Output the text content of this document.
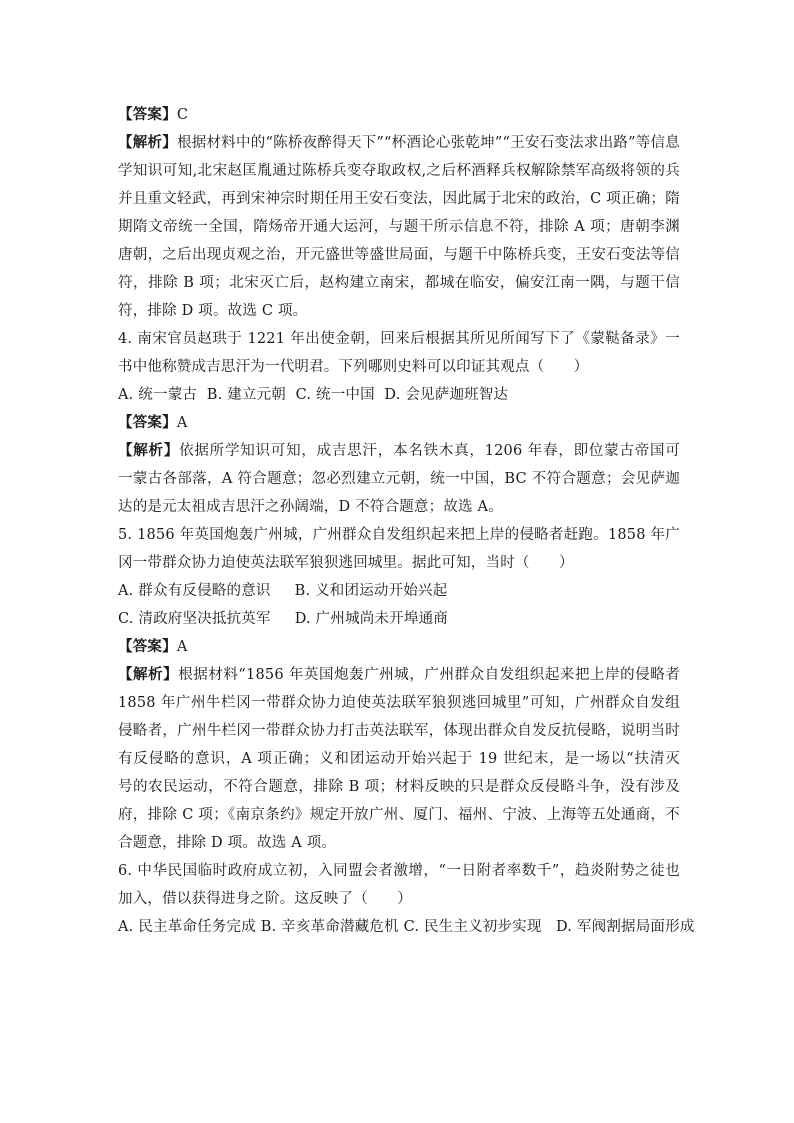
【答案】C
【解析】根据材料中的“陈桥夜醉得天下”“杯酒论心张乾坤”“王安石变法求出路”等信息
学知识可知,北宋赵匡胤通过陈桥兵变夺取政权,之后杯酒释兵权解除禁军高级将领的兵
并且重文轻武，再到宋神宗时期任用王安石变法，因此属于北宋的政治，C 项正确；隋
期隋文帝统一全国，隋炀帝开通大运河，与题干所示信息不符，排除 A 项；唐朝李渊
唐朝，之后出现贞观之治，开元盛世等盛世局面，与题干中陈桥兵变，王安石变法等信
符，排除 B 项；北宋灭亡后，赵构建立南宋，都城在临安，偏安江南一隅，与题干信
符，排除 D 项。故选 C 项。
4. 南宋官员赵珙于 1221 年出使金朝，回来后根据其所见所闻写下了《蒙鞑备录》一
书中他称赞成吉思汗为一代明君。下列哪则史料可以印证其观点（　　）
A. 统一蒙古  B. 建立元朝  C. 统一中国  D. 会见萨迦班智达
【答案】A
【解析】依据所学知识可知，成吉思汗，本名铁木真，1206 年春，即位蒙古帝国可
一蒙古各部落，A 符合题意；忽必烈建立元朝，统一中国，BC 不符合题意；会见萨迦
达的是元太祖成吉思汗之孙阔端，D 不符合题意；故选 A。
5. 1856 年英国炮轰广州城，广州群众自发组织起来把上岸的侵略者赶跑。1858 年广
冈一带群众协力迫使英法联军狼狈逃回城里。据此可知，当时（　　）
A. 群众有反侵略的意识     B. 义和团运动开始兴起
C. 清政府坚决抵抗英军     D. 广州城尚未开埠通商
【答案】A
【解析】根据材料“1856 年英国炮轰广州城，广州群众自发组织起来把上岸的侵略者
1858 年广州牛栏冈一带群众协力迫使英法联军狼狈逃回城里”可知，广州群众自发组
侵略者，广州牛栏冈一带群众协力打击英法联军，体现出群众自发反抗侵略，说明当时
有反侵略的意识，A 项正确；义和团运动开始兴起于 19 世纪末，是一场以“扶清灭
号的农民运动，不符合题意，排除 B 项；材料反映的只是群众反侵略斗争，没有涉及
府，排除 C 项；《南京条约》规定开放广州、厦门、福州、宁波、上海等五处通商，不
合题意，排除 D 项。故选 A 项。
6. 中华民国临时政府成立初，入同盟会者激增，“一日附者率数千”，趋炎附势之徒也
加入，借以获得进身之阶。这反映了（　　）
A. 民主革命任务完成 B. 辛亥革命潜藏危机 C. 民生主义初步实现   D. 军阀割据局面形成
